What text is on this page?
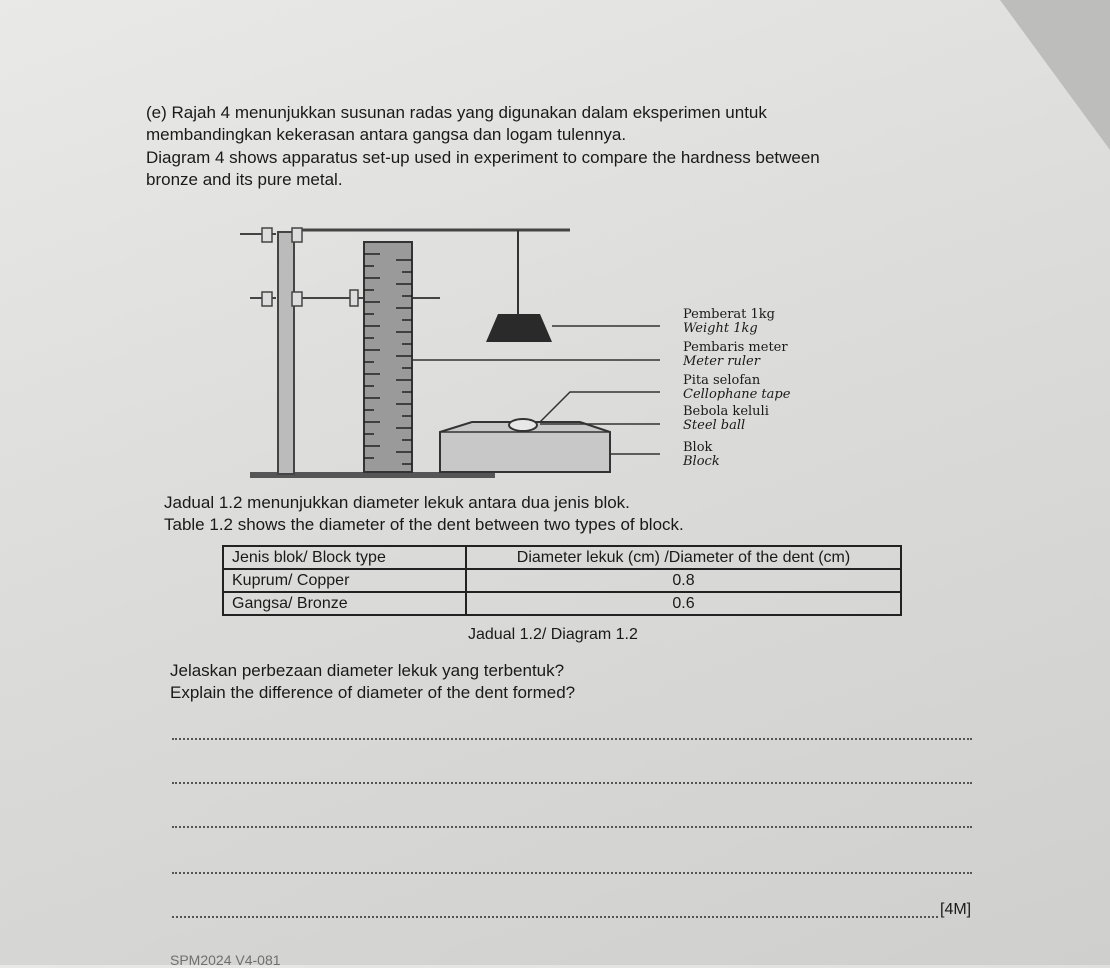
(e) Rajah 4 menunjukkan susunan radas yang digunakan dalam eksperimen untuk
membandingkan kekerasan antara gangsa dan logam tulennya.
Diagram 4 shows apparatus set-up used in experiment to compare the hardness between
bronze and its pure metal.
Pemberat 1kg
Weight 1kg
Pembaris meter
Meter ruler
Pita selofan
Cellophane tape
Bebola keluli
Steel ball
Blok
Block
Jadual 1.2 menunjukkan diameter lekuk antara dua jenis blok.
Table 1.2 shows the diameter of the dent between two types of block.
Jenis blok/ Block type	Diameter lekuk (cm) /Diameter of the dent (cm)
Kuprum/ Copper	0.8
Gangsa/ Bronze	0.6
Jadual 1.2/ Diagram 1.2
Jelaskan perbezaan diameter lekuk yang terbentuk?
Explain the difference of diameter of the dent formed?
[4M]
SPM2024 V4-081
